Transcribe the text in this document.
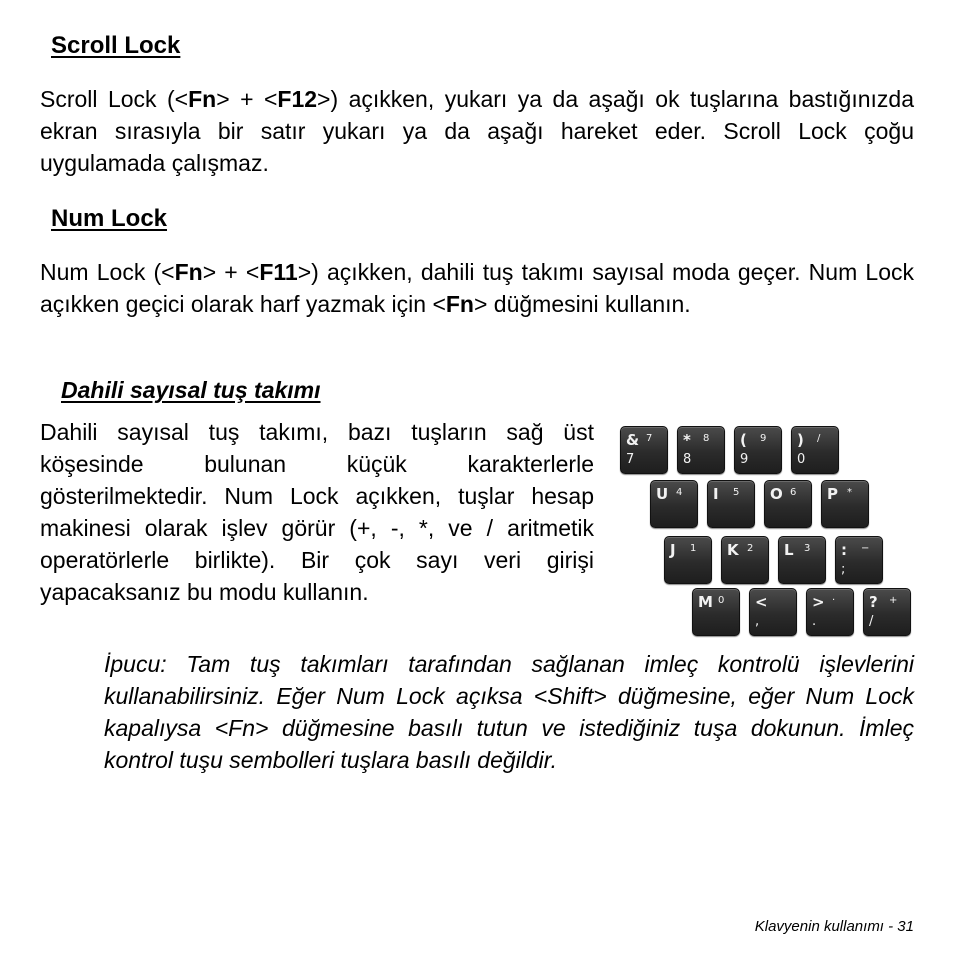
Scroll Lock

Scroll Lock (<Fn> + <F12>) açıkken, yukarı ya da aşağı ok tuşlarına bastığınızda ekran sırasıyla bir satır yukarı ya da aşağı hareket eder. Scroll Lock çoğu uygulamada çalışmaz.

Num Lock

Num Lock (<Fn> + <F11>) açıkken, dahili tuş takımı sayısal moda geçer. Num Lock açıkken geçici olarak harf yazmak için <Fn> düğmesini kullanın.

Dahili sayısal tuş takımı

Dahili sayısal tuş takımı, bazı tuşların sağ üst köşesinde bulunan küçük karakterlerle gösterilmektedir. Num Lock açıkken, tuşlar hesap makinesi olarak işlev görür (+, -, *, ve / aritmetik operatörlerle birlikte). Bir çok sayı veri girişi yapacaksanız bu modu kullanın.

& 7
7
* 8
8
( 9
9
) /
0
U 4 I 5 O 6 P *
J 1 K 2 L 3 : −
;
M 0 <
,
> ·
.
? +
/

İpucu: Tam tuş takımları tarafından sağlanan imleç kontrolü işlevlerini kullanabilirsiniz. Eğer Num Lock açıksa <Shift> düğmesine, eğer Num Lock kapalıysa <Fn> düğmesine basılı tutun ve istediğiniz tuşa dokunun. İmleç kontrol tuşu sembolleri tuşlara basılı değildir.

Klavyenin kullanımı - 31
